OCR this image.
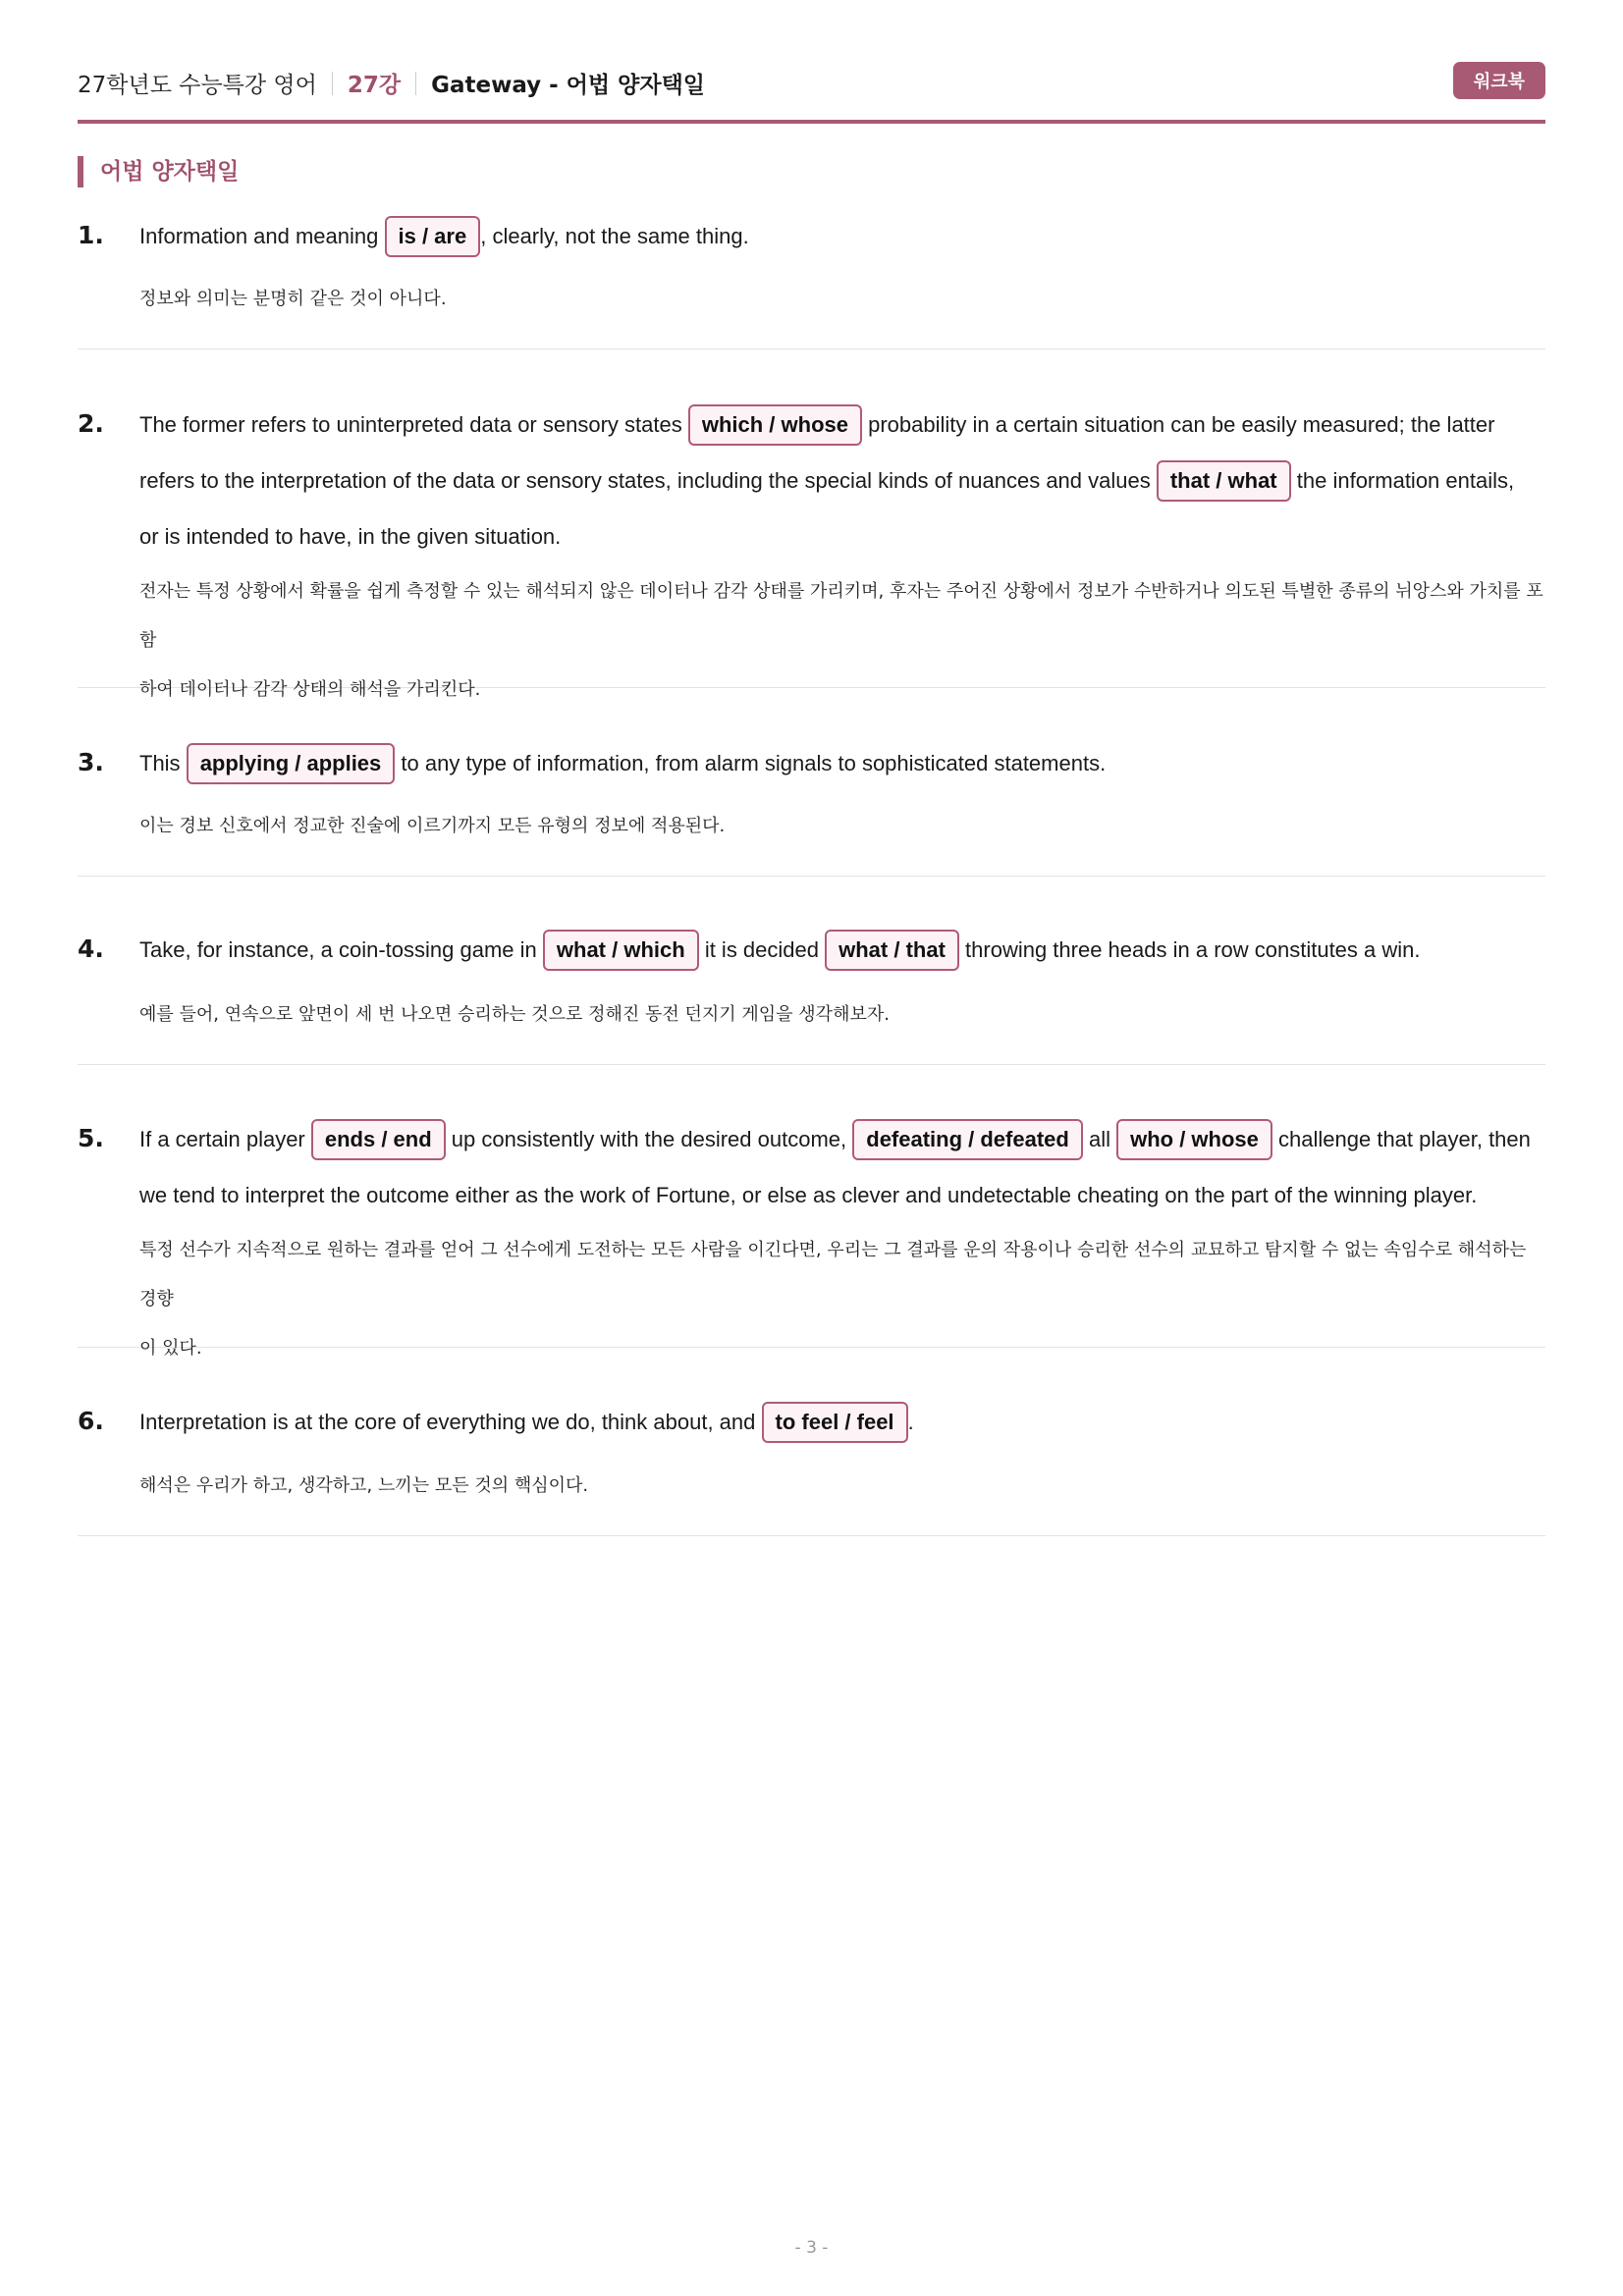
27학년도 수능특강 영어 27강 Gateway - 어법 양자택일	워크북
어법 양자택일
1. Information and meaning is / are , clearly, not the same thing.
정보와 의미는 분명히 같은 것이 아니다.
2. The former refers to uninterpreted data or sensory states which / whose probability in a certain situation can be easily measured; the latter
refers to the interpretation of the data or sensory states, including the special kinds of nuances and values that / what the information entails,
or is intended to have, in the given situation.
전자는 특정 상황에서 확률을 쉽게 측정할 수 있는 해석되지 않은 데이터나 감각 상태를 가리키며, 후자는 주어진 상황에서 정보가 수반하거나 의도된 특별한 종류의 뉘앙스와 가치를 포함
하여 데이터나 감각 상태의 해석을 가리킨다.
3. This applying / applies to any type of information, from alarm signals to sophisticated statements.
이는 경보 신호에서 정교한 진술에 이르기까지 모든 유형의 정보에 적용된다.
4. Take, for instance, a coin-tossing game in what / which it is decided what / that throwing three heads in a row constitutes a win.
예를 들어, 연속으로 앞면이 세 번 나오면 승리하는 것으로 정해진 동전 던지기 게임을 생각해보자.
5. If a certain player ends / end up consistently with the desired outcome, defeating / defeated all who / whose challenge that player, then
we tend to interpret the outcome either as the work of Fortune, or else as clever and undetectable cheating on the part of the winning player.
특정 선수가 지속적으로 원하는 결과를 얻어 그 선수에게 도전하는 모든 사람을 이긴다면, 우리는 그 결과를 운의 작용이나 승리한 선수의 교묘하고 탐지할 수 없는 속임수로 해석하는 경향
이 있다.
6. Interpretation is at the core of everything we do, think about, and to feel / feel .
해석은 우리가 하고, 생각하고, 느끼는 모든 것의 핵심이다.
- 3 -
